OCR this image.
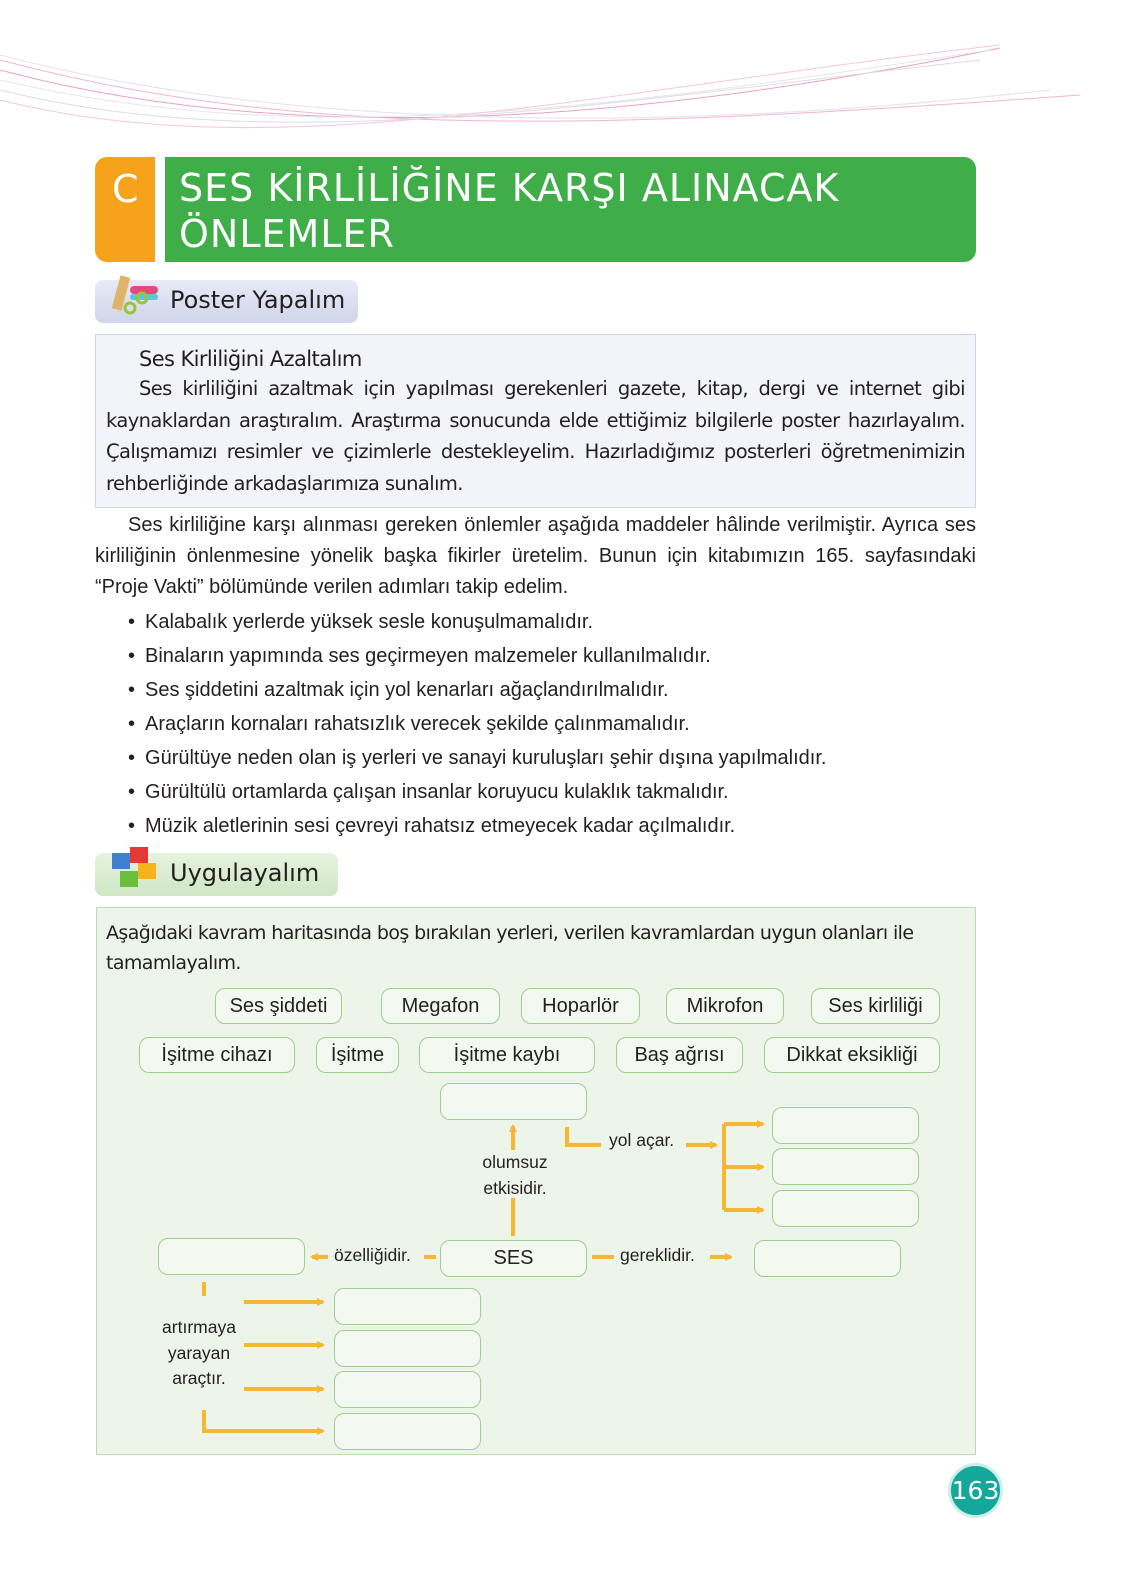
C	SES KİRLİLİĞİNE KARŞI ALINACAK
ÖNLEMLER
Poster Yapalım
Ses Kirliliğini Azaltalım

Ses kirliliğini azaltmak için yapılması gerekenleri gazete, kitap, dergi ve internet gibi kaynaklardan araştıralım. Araştırma sonucunda elde ettiğimiz bilgilerle poster hazırlayalım. Çalışmamızı resimler ve çizimlerle destekleyelim. Hazırladığımız posterleri öğretmenimizin rehberliğinde arkadaşlarımıza sunalım.

Ses kirliliğine karşı alınması gereken önlemler aşağıda maddeler hâlinde verilmiştir. Ayrıca ses kirliliğinin önlenmesine yönelik başka fikirler üretelim. Bunun için kitabımızın 165. sayfasındaki “Proje Vakti” bölümünde verilen adımları takip edelim.

• Kalabalık yerlerde yüksek sesle konuşulmamalıdır.
• Binaların yapımında ses geçirmeyen malzemeler kullanılmalıdır.
• Ses şiddetini azaltmak için yol kenarları ağaçlandırılmalıdır.
• Araçların kornaları rahatsızlık verecek şekilde çalınmamalıdır.
• Gürültüye neden olan iş yerleri ve sanayi kuruluşları şehir dışına yapılmalıdır.
• Gürültülü ortamlarda çalışan insanlar koruyucu kulaklık takmalıdır.
• Müzik aletlerinin sesi çevreyi rahatsız etmeyecek kadar açılmalıdır.
Uygulayalım
Aşağıdaki kavram haritasında boş bırakılan yerleri, verilen kavramlardan uygun olanları ile tamamlayalım.
Ses şiddeti	Megafon	Hoparlör	Mikrofon	Ses kirliliği
İşitme cihazı	İşitme	İşitme kaybı	Baş ağrısı	Dikkat eksikliği
SES
olumsuz
etkisidir.
yol açar.
özelliğidir.	gereklidir.
artırmaya
yarayan
araçtır.
163
